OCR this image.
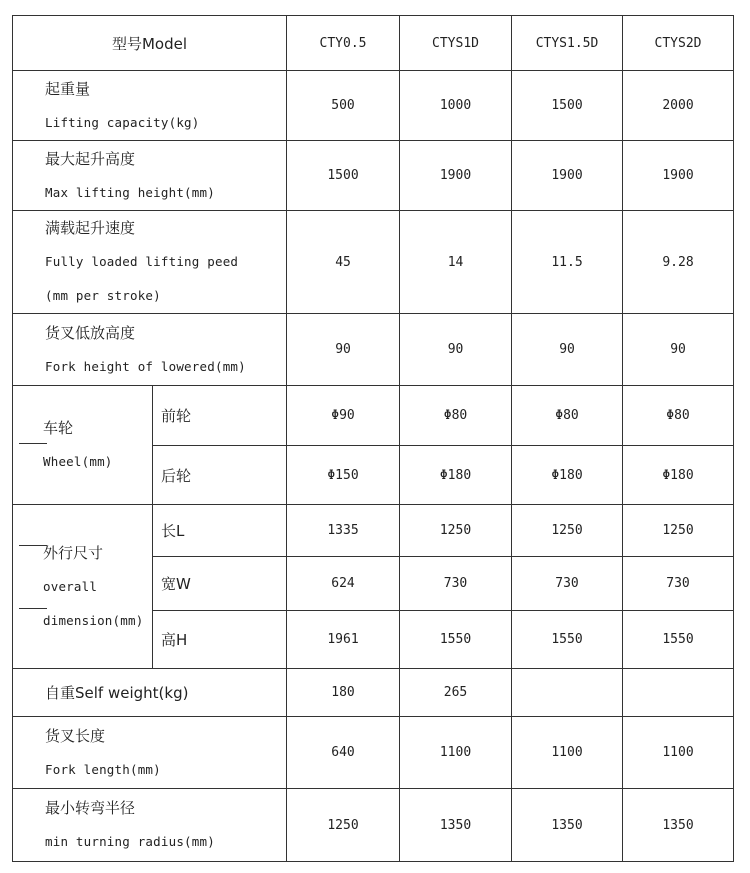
型号Model		CTY0.5	CTYS1D	CTYS1.5D	CTYS2D

起重量
Lifting capacity(kg)		500	1000	1500	2000

最大起升高度
Max lifting height(mm)		1500	1900	1900	1900

满载起升速度
Fully loaded lifting peed
(mm per stroke)		45	14	11.5	9.28

货叉低放高度
Fork height of lowered(mm)		90	90	90	90

车轮
Wheel(mm)	前轮	Φ90	Φ80	Φ80	Φ80
	后轮	Φ150	Φ180	Φ180	Φ180

外行尺寸
overall
dimension(mm)	长L	1335	1250	1250	1250
	宽W	624	730	730	730
	高H	1961	1550	1550	1550
自重Self weight(kg)		180	265		

货叉长度
Fork length(mm)		640	1100	1100	1100

最小转弯半径
min turning radius(mm)		1250	1350	1350	1350
